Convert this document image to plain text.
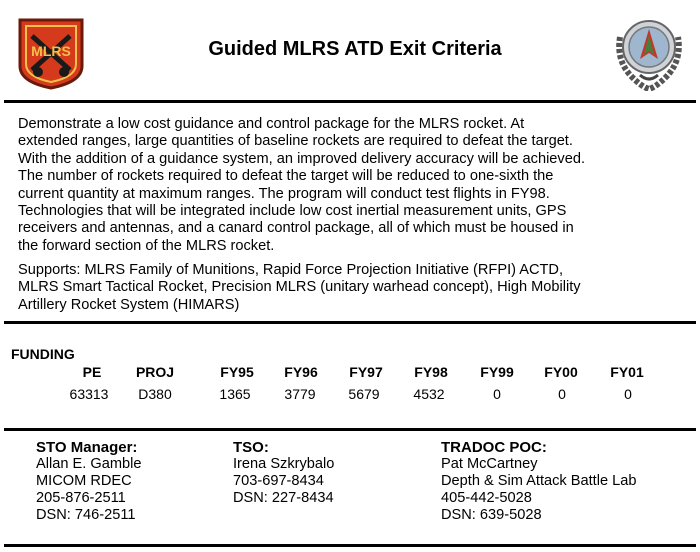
MLRS	Guided MLRS ATD Exit Criteria

Demonstrate a low cost guidance and control package for the MLRS rocket. At

extended ranges, large quantities of baseline rockets are required to defeat the target.

With the addition of a guidance system, an improved delivery accuracy will be achieved.

The number of rockets required to defeat the target will be reduced to one-sixth the

current quantity at maximum ranges. The program will conduct test flights in FY98.

Technologies that will be integrated include low cost inertial measurement units, GPS

receivers and antennas, and a canard control package, all of which must be housed in

the forward section of the MLRS rocket.

Supports: MLRS Family of Munitions, Rapid Force Projection Initiative (RFPI) ACTD,

MLRS Smart Tactical Rocket, Precision MLRS (unitary warhead concept), High Mobility

Artillery Rocket System (HIMARS)

FUNDING
PE	PROJ	FY95	FY96	FY97	FY98	FY99	FY00	FY01
63313	D380	1365	3779	5679	4532	0	0	0
STO Manager:
Allan E. Gamble
MICOM RDEC
205-876-2511
DSN: 746-2511
TSO:
Irena Szkrybalo
703-697-8434
DSN: 227-8434
TRADOC POC:
Pat McCartney
Depth & Sim Attack Battle Lab
405-442-5028
DSN: 639-5028
